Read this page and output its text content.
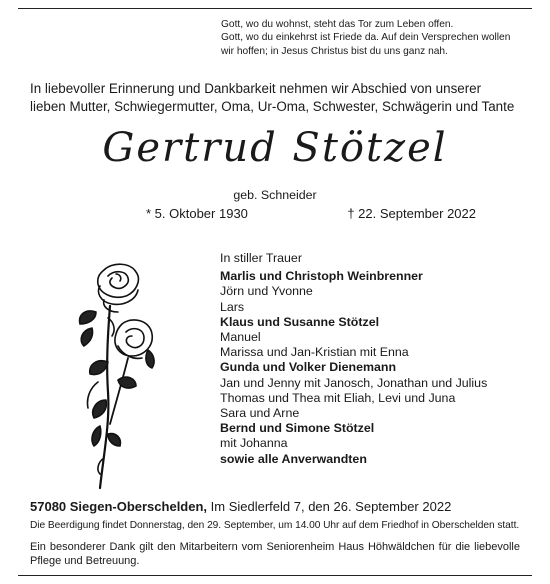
Gott, wo du wohnst, steht das Tor zum Leben offen.
Gott, wo du einkehrst ist Friede da. Auf dein Versprechen wollen
wir hoffen; in Jesus Christus bist du uns ganz nah.
In liebevoller Erinnerung und Dankbarkeit nehmen wir Abschied von unserer
lieben Mutter, Schwiegermutter, Oma, Ur-Oma, Schwester, Schwägerin und Tante
Gertrud Stötzel
geb. Schneider
* 5. Oktober 1930	† 22. September 2022
In stiller Trauer
Marlis und Christoph Weinbrenner
Jörn und Yvonne
Lars
Klaus und Susanne Stötzel
Manuel
Marissa und Jan-Kristian mit Enna
Gunda und Volker Dienemann
Jan und Jenny mit Janosch, Jonathan und Julius
Thomas und Thea mit Eliah, Levi und Juna
Sara und Arne
Bernd und Simone Stötzel
mit Johanna
sowie alle Anverwandten
57080 Siegen-Oberschelden, Im Siedlerfeld 7, den 26. September 2022
Die Beerdigung findet Donnerstag, den 29. September, um 14.00 Uhr auf dem Friedhof in Oberschelden statt.
Ein besonderer Dank gilt den Mitarbeitern vom Seniorenheim Haus Höhwäldchen für die liebevolle Pflege und Betreuung.
